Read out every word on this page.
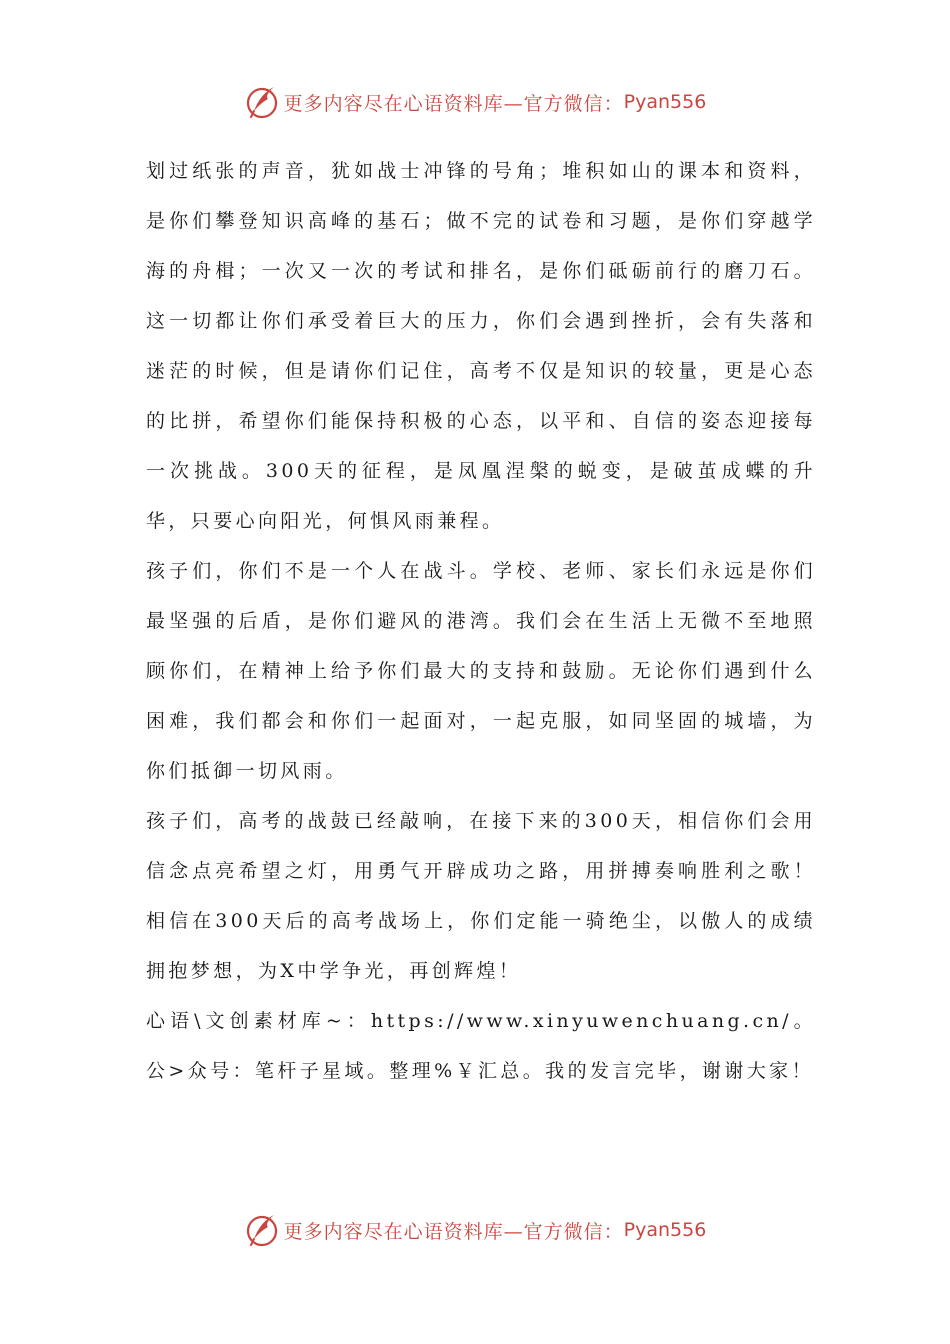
更多内容尽在心语资料库—官方微信： Pyan556

划过纸张的声音，犹如战士冲锋的号角；堆积如山的课本和资料，是你们攀登知识高峰的基石；做不完的试卷和习题，是你们穿越学海的舟楫；一次又一次的考试和排名，是你们砥砺前行的磨刀石。这一切都让你们承受着巨大的压力，你们会遇到挫折，会有失落和迷茫的时候，但是请你们记住，高考不仅是知识的较量，更是心态的比拼，希望你们能保持积极的心态，以平和、自信的姿态迎接每一次挑战。300天的征程，是凤凰涅槃的蜕变，是破茧成蝶的升华，只要心向阳光，何惧风雨兼程。

孩子们，你们不是一个人在战斗。学校、老师、家长们永远是你们最坚强的后盾，是你们避风的港湾。我们会在生活上无微不至地照顾你们，在精神上给予你们最大的支持和鼓励。无论你们遇到什么困难，我们都会和你们一起面对，一起克服，如同坚固的城墙，为你们抵御一切风雨。

孩子们，高考的战鼓已经敲响，在接下来的300天，相信你们会用信念点亮希望之灯，用勇气开辟成功之路，用拼搏奏响胜利之歌！相信在300天后的高考战场上，你们定能一骑绝尘，以傲人的成绩拥抱梦想，为X中学争光，再创辉煌！

心语\文创素材库~：https://www.xinyuwenchuang.cn/。公>众号：笔杆子星域。整理%￥汇总。我的发言完毕，谢谢大家！

更多内容尽在心语资料库—官方微信： Pyan556
